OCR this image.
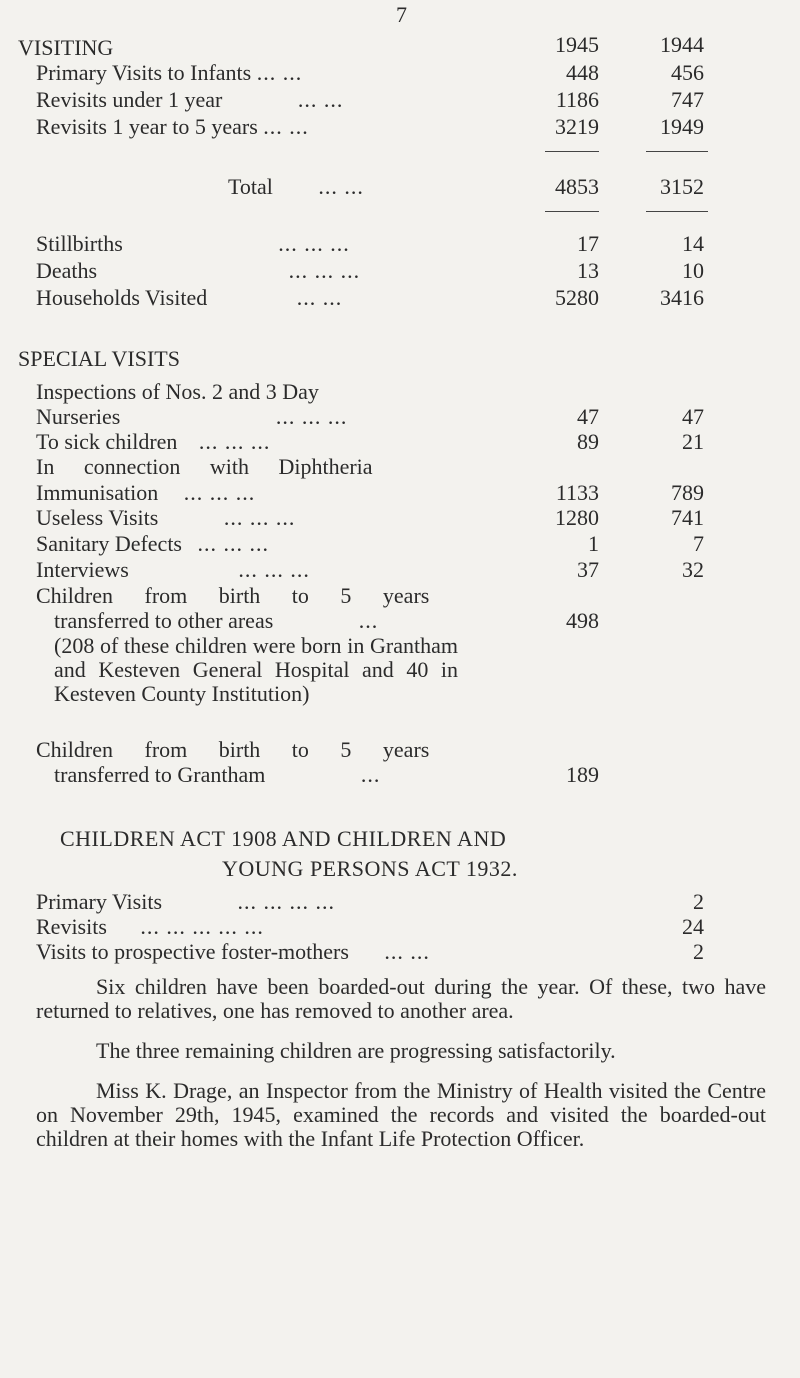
7
VISITING	1945	1944
Primary Visits to Infants ... ...	448	456
Revisits under 1 year	... ...	1186	747
Revisits 1 year to 5 years ... ...	3219	1949
Total ... ...	4853	3152
Stillbirths	... ... ...	17	14
Deaths	... ... ...	13	10
Households Visited	... ...	5280	3416
SPECIAL VISITS
Inspections of Nos. 2 and 3 Day
Nurseries	... ... ...	47	47
To sick children ... ... ...	89	21
In connection with Diphtheria
Immunisation ... ... ...	1133	789
Useless Visits	... ... ...	1280	741
Sanitary Defects ... ... ...	1	7
Interviews	... ... ...	37	32
Children from birth to 5 years
transferred to other areas	...	498
(208 of these children were born in Grantham and Kesteven General Hospital and 40 in Kesteven County Institution)
Children from birth to 5 years
transferred to Grantham	...	189
CHILDREN ACT 1908 AND CHILDREN AND
YOUNG PERSONS ACT 1932.
Primary Visits	... ... ... ...	2
Revisits ... ... ... ... ...	24
Visits to prospective foster-mothers ... ...	2

Six children have been boarded-out during the year. Of these, two have returned to relatives, one has removed to another area.

The three remaining children are progressing satisfactorily.

Miss K. Drage, an Inspector from the Ministry of Health visited the Centre on November 29th, 1945, examined the records and visited the boarded-out children at their homes with the Infant Life Protection Officer.
